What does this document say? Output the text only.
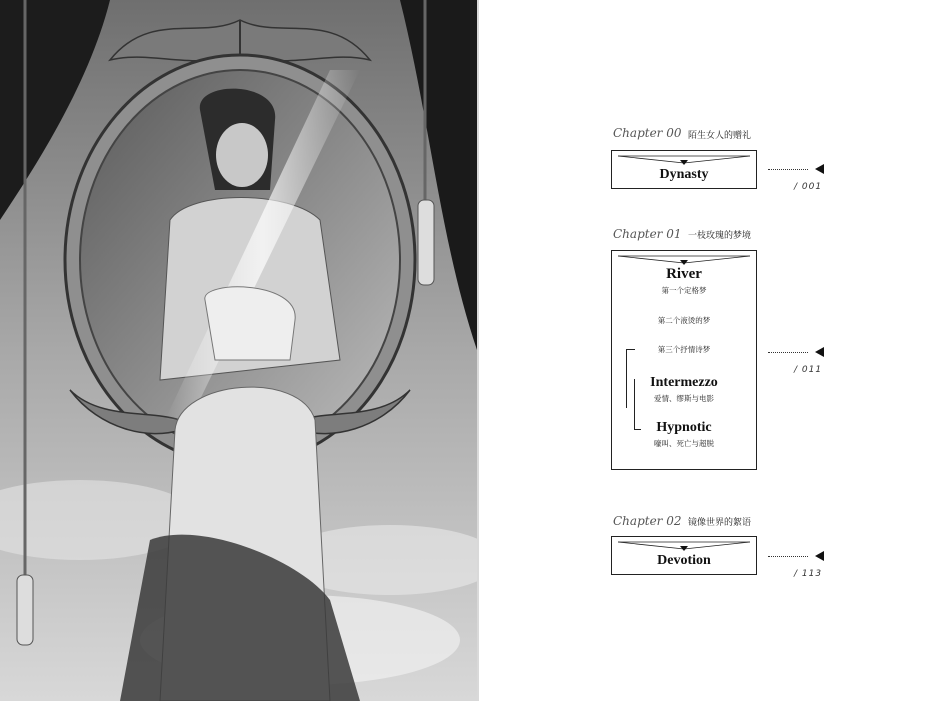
Chapter 00 陌生女人的赠礼
Dynasty
/ 001
Chapter 01 一枝玫瑰的梦境
River
第一个定格梦
第二个液烫的梦
第三个抒情诗梦
Intermezzo
爱情、缪斯与电影
Hypnotic
嚎叫、死亡与超脱
/ 011
Chapter 02 镜像世界的絮语
Devotion
/ 113
